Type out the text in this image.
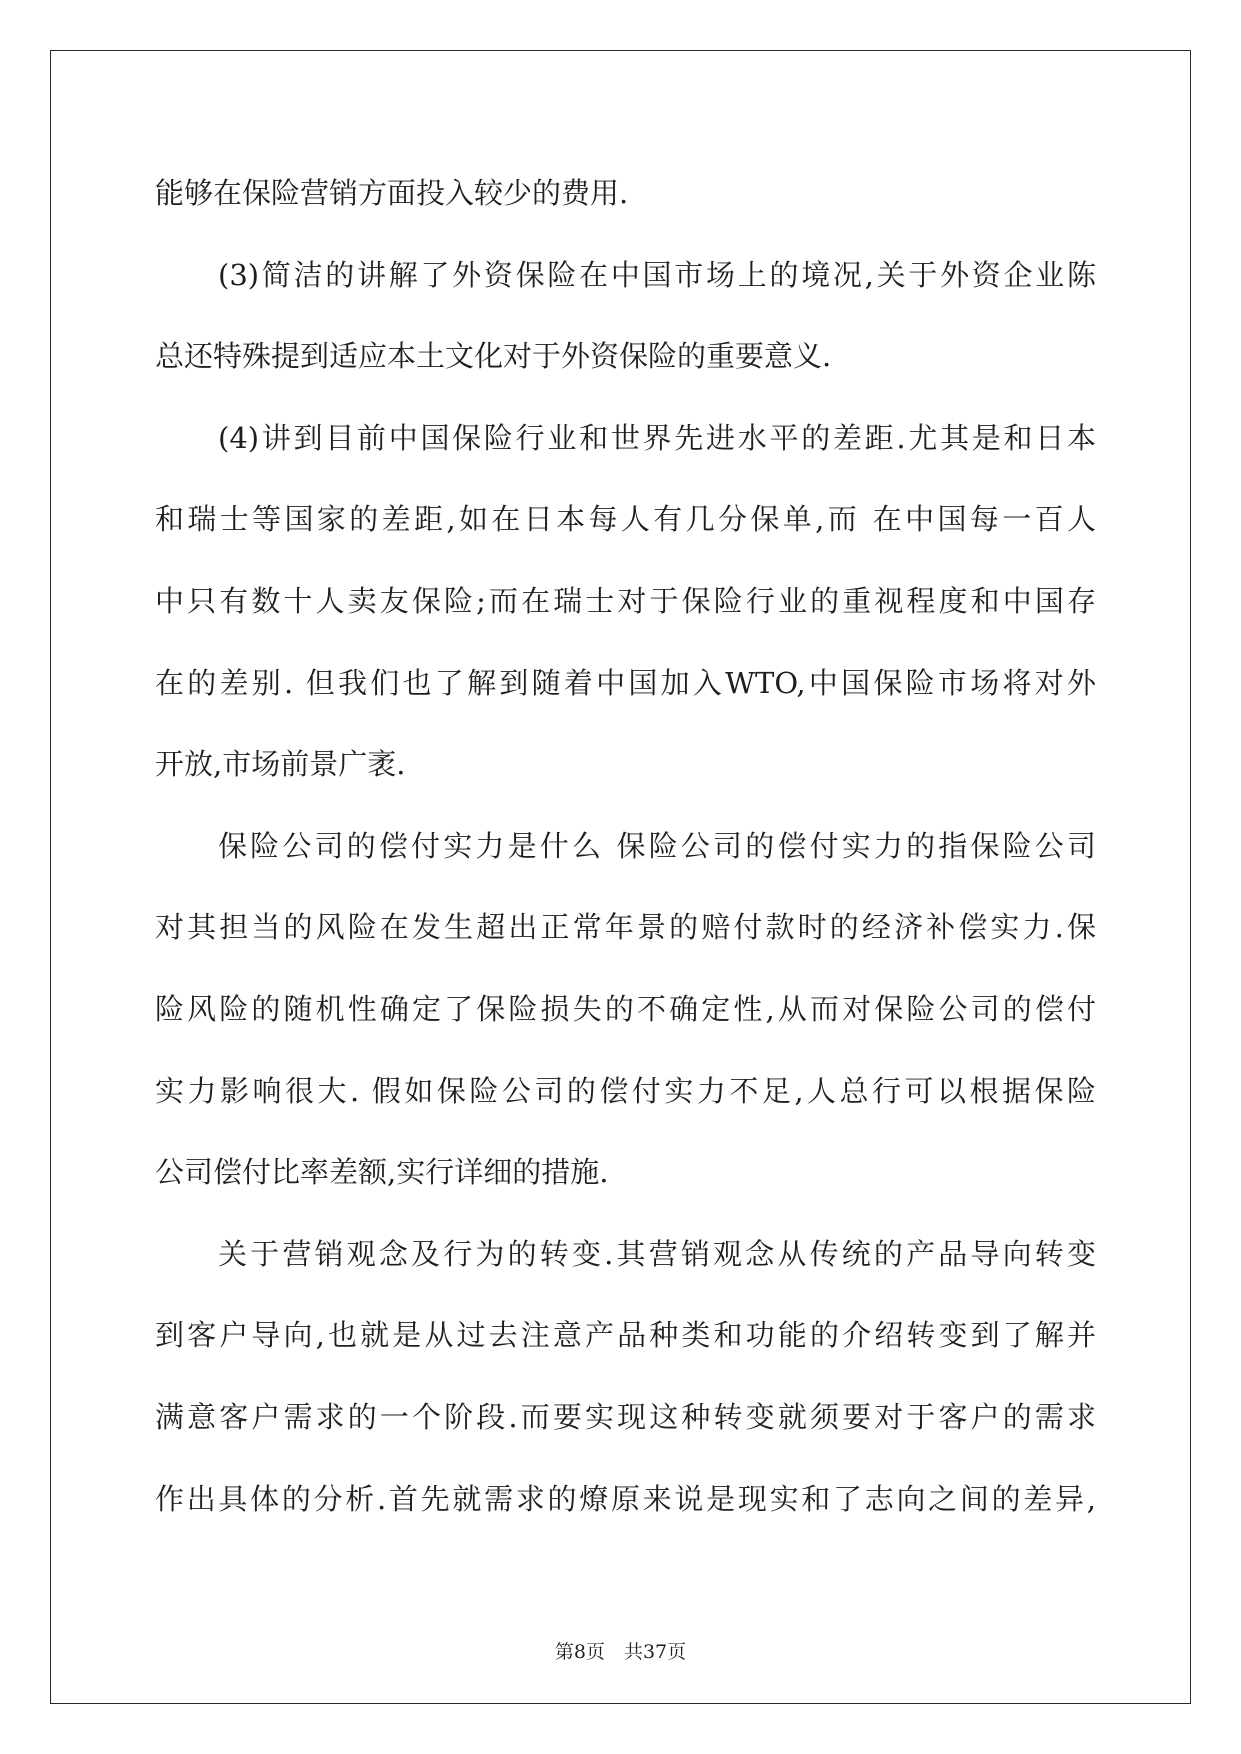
能够在保险营销方面投入较少的费用.
(3)简洁的讲解了外资保险在中国市场上的境况,关于外资企业陈
总还特殊提到适应本土文化对于外资保险的重要意义.
(4)讲到目前中国保险行业和世界先进水平的差距.尤其是和日本
和瑞士等国家的差距,如在日本每人有几分保单,而 在中国每一百人
中只有数十人卖友保险;而在瑞士对于保险行业的重视程度和中国存
在的差别. 但我们也了解到随着中国加入WTO,中国保险市场将对外
开放,市场前景广袤.
保险公司的偿付实力是什么 保险公司的偿付实力的指保险公司
对其担当的风险在发生超出正常年景的赔付款时的经济补偿实力.保
险风险的随机性确定了保险损失的不确定性,从而对保险公司的偿付
实力影响很大. 假如保险公司的偿付实力不足,人总行可以根据保险
公司偿付比率差额,实行详细的措施.
关于营销观念及行为的转变.其营销观念从传统的产品导向转变
到客户导向,也就是从过去注意产品种类和功能的介绍转变到了解并
满意客户需求的一个阶段.而要实现这种转变就须要对于客户的需求
作出具体的分析.首先就需求的燎原来说是现实和了志向之间的差异,
第8页　共37页
